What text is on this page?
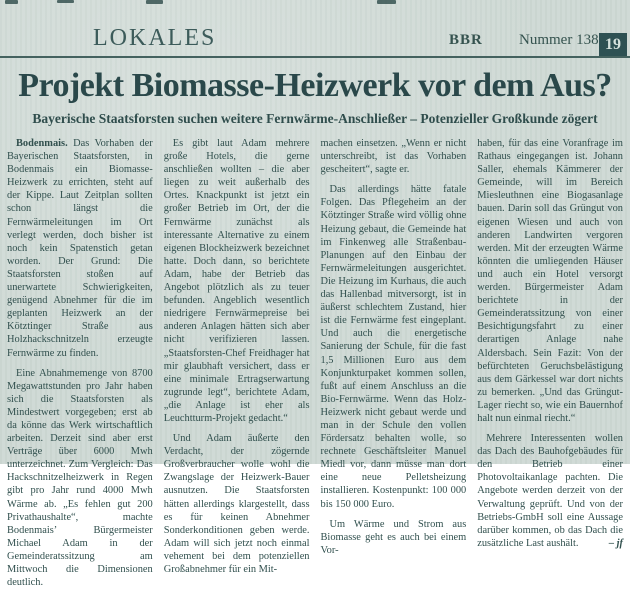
LOKALES	BBR Nummer 138 19
Projekt Biomasse-Heizwerk vor dem Aus?
Bayerische Staatsforsten suchen weitere Fernwärme-Anschließer – Potenzieller Großkunde zögert

Bodenmais. Das Vorhaben der Bayerischen Staatsforsten, in Bodenmais ein Biomasse-Heizwerk zu errichten, steht auf der Kippe. Laut Zeitplan sollten schon längst die Fernwärmeleitungen im Ort verlegt werden, doch bisher ist noch kein Spatenstich getan worden. Der Grund: Die Staatsforsten stoßen auf unerwartete Schwierigkeiten, genügend Abnehmer für die im geplanten Heizwerk an der Kötztinger Straße aus Holzhackschnitzeln erzeugte Fernwärme zu finden.

Eine Abnahmemenge von 8700 Megawattstunden pro Jahr haben sich die Staatsforsten als Mindestwert vorgegeben; erst ab da könne das Werk wirtschaftlich arbeiten. Derzeit sind aber erst Verträge über 6000 Mwh unterzeichnet. Zum Vergleich: Das Hackschnitzelheizwerk in Regen gibt pro Jahr rund 4000 Mwh Wärme ab. „Es fehlen gut 200 Privathaushalte“, machte Bodenmais’ Bürgermeister Michael Adam in der Gemeinderatssitzung am Mittwoch die Dimensionen deutlich.

Es gibt laut Adam mehrere große Hotels, die gerne anschließen wollten – die aber liegen zu weit außerhalb des Ortes. Knackpunkt ist jetzt ein großer Betrieb im Ort, der die Fernwärme zunächst als interessante Alternative zu einem eigenen Blockheizwerk bezeichnet hatte. Doch dann, so berichtete Adam, habe der Betrieb das Angebot plötzlich als zu teuer befunden. Angeblich wesentlich niedrigere Fernwärmepreise bei anderen Anlagen hätten sich aber nicht verifizieren lassen. „Staatsforsten-Chef Freidhager hat mir glaubhaft versichert, dass er eine minimale Ertragserwartung zugrunde legt“, berichtete Adam, „die Anlage ist eher als Leuchtturm-Projekt gedacht.“

Und Adam äußerte den Verdacht, der zögernde Großverbraucher wolle wohl die Zwangslage der Heizwerk-Bauer ausnutzen. Die Staatsforsten hätten allerdings klargestellt, dass es für keinen Abnehmer Sonderkonditionen geben werde. Adam will sich jetzt noch einmal vehement bei dem potenziellen Großabnehmer für ein Mit-

machen einsetzen. „Wenn er nicht unterschreibt, ist das Vorhaben gescheitert“, sagte er.

Das allerdings hätte fatale Folgen. Das Pflegeheim an der Kötztinger Straße wird völlig ohne Heizung gebaut, die Gemeinde hat im Finkenweg alle Straßenbau-Planungen auf den Einbau der Fernwärmeleitungen ausgerichtet. Die Heizung im Kurhaus, die auch das Hallenbad mitversorgt, ist in äußerst schlechtem Zustand, hier ist die Fernwärme fest eingeplant. Und auch die energetische Sanierung der Schule, für die fast 1,5 Millionen Euro aus dem Konjunkturpaket kommen sollen, fußt auf einem Anschluss an die Bio-Fernwärme. Wenn das Holz-Heizwerk nicht gebaut werde und man in der Schule den vollen Fördersatz behalten wolle, so rechnete Geschäftsleiter Manuel Miedl vor, dann müsse man dort eine neue Pelletsheizung installieren. Kostenpunkt: 100 000 bis 150 000 Euro.

Um Wärme und Strom aus Biomasse geht es auch bei einem Vor-

haben, für das eine Voranfrage im Rathaus eingegangen ist. Johann Saller, ehemals Kämmerer der Gemeinde, will im Bereich Miesleuthnen eine Biogasanlage bauen. Darin soll das Grüngut von eigenen Wiesen und auch von anderen Landwirten vergoren werden. Mit der erzeugten Wärme könnten die umliegenden Häuser und auch ein Hotel versorgt werden. Bürgermeister Adam berichtete in der Gemeinderatssitzung von einer Besichtigungsfahrt zu einer derartigen Anlage nahe Aldersbach. Sein Fazit: Von der befürchteten Geruchsbelästigung aus dem Gärkessel war dort nichts zu bemerken. „Und das Grüngut-Lager riecht so, wie ein Bauernhof halt nun einmal riecht.“

Mehrere Interessenten wollen das Dach des Bauhofgebäudes für den Betrieb einer Photovoltaikanlage pachten. Die Angebote werden derzeit von der Verwaltung geprüft. Und von der Betriebs-GmbH soll eine Aussage darüber kommen, ob das Dach die zusätzliche Last aushält.	– jf
